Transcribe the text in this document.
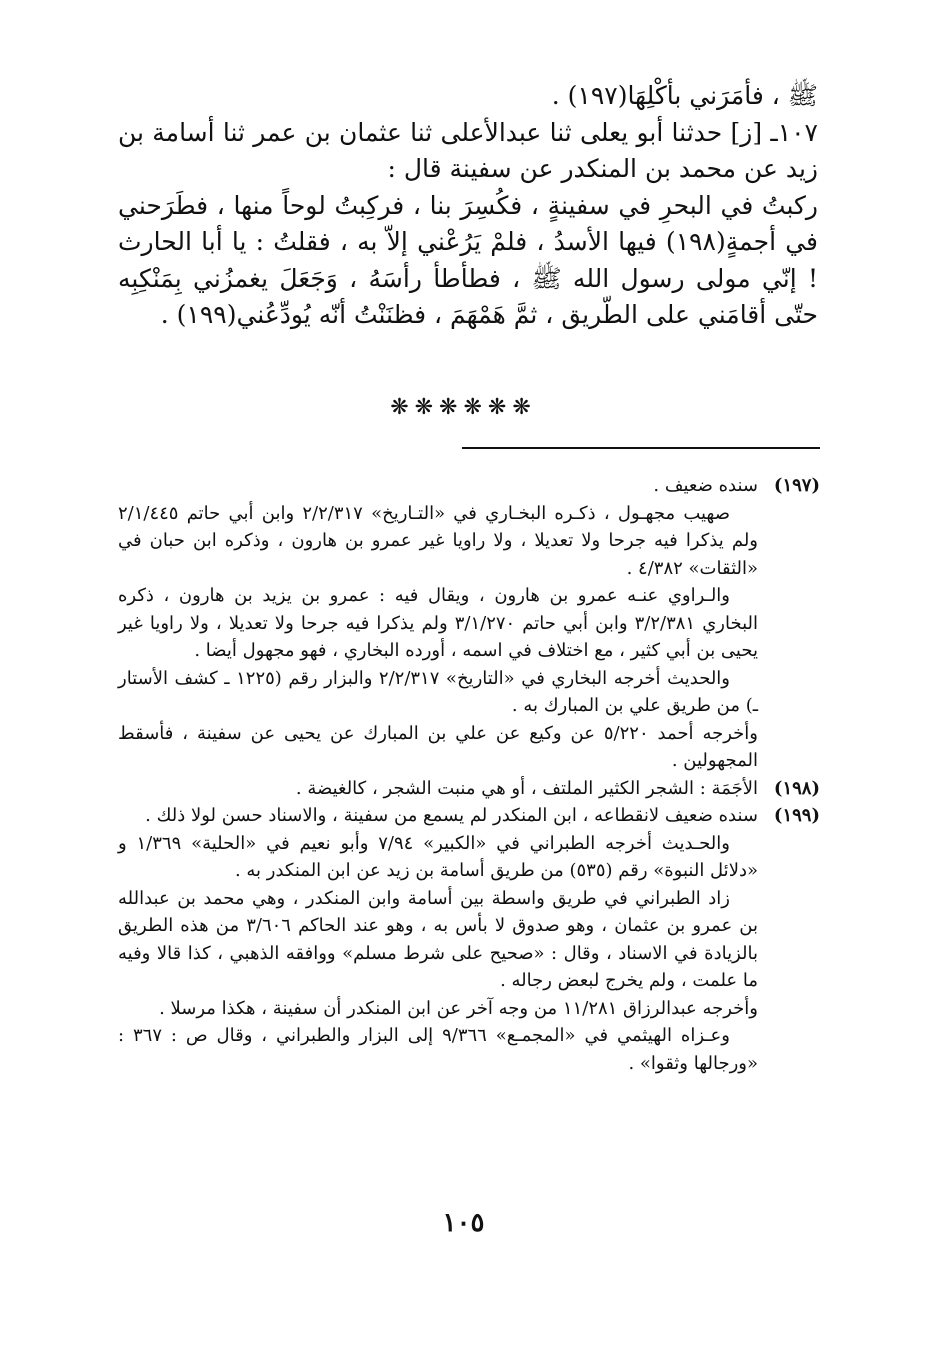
ﷺ ، فأمَرَني بأكْلِهَا(١٩٧) .

١٠٧ـ [ز] حدثنا أبو يعلى ثنا عبدالأعلى ثنا عثمان بن عمر ثنا أسامة بن زيد عن محمد بن المنكدر عن سفينة قال :

ركبتُ في البحرِ في سفينةٍ ، فكُسِرَ بنا ، فركِبتُ لوحاً منها ، فطَرَحني في أجمةٍ(١٩٨) فيها الأسدُ ، فلمْ يَرُعْني إلاّ به ، فقلتُ : يا أبا الحارث ! إنّي مولى رسول الله ﷺ ، فطأطأ رأسَهُ ، وَجَعَلَ يغمزُني بِمَنْكِبِه حتّى أقامَني على الطّريق ، ثمَّ هَمْهَمَ ، فظنَنْتُ أنّه يُودِّعُني(١٩٩) .

❋❋❋❋❋❋
(١٩٧)

سنده ضعيف .

صهيب مجهـول ، ذكـره البخـاري في «التـاريخ» ٢/٢/٣١٧ وابن أبي حاتم ٢/١/٤٤٥ ولم يذكرا فيه جرحا ولا تعديلا ، ولا راويا غير عمرو بن هارون ، وذكره ابن حبان في «الثقات» ٤/٣٨٢ .

والـراوي عنـه عمرو بن هارون ، ويقال فيه : عمرو بن يزيد بن هارون ، ذكره البخاري ٣/٢/٣٨١ وابن أبي حاتم ٣/١/٢٧٠ ولم يذكرا فيه جرحا ولا تعديلا ، ولا راويا غير يحيى بن أبي كثير ، مع اختلاف في اسمه ، أورده البخاري ، فهو مجهول أيضا .

والحديث أخرجه البخاري في «التاريخ» ٢/٢/٣١٧ والبزار رقم (١٢٢٥ ـ كشف الأستار ـ) من طريق علي بن المبارك به .

وأخرجه أحمد ٥/٢٢٠ عن وكيع عن علي بن المبارك عن يحيى عن سفينة ، فأسقط المجهولين .

(١٩٨)

الأجَمَة : الشجر الكثير الملتف ، أو هي منبت الشجر ، كالغيضة .

(١٩٩)

سنده ضعيف لانقطاعه ، ابن المنكدر لم يسمع من سفينة ، والاسناد حسن لولا ذلك .

والحـديث أخرجه الطبراني في «الكبير» ٧/٩٤ وأبو نعيم في «الحلية» ١/٣٦٩ و «دلائل النبوة» رقم (٥٣٥) من طريق أسامة بن زيد عن ابن المنكدر به .

زاد الطبراني في طريق واسطة بين أسامة وابن المنكدر ، وهي محمد بن عبدالله بن عمرو بن عثمان ، وهو صدوق لا بأس به ، وهو عند الحاكم ٣/٦٠٦ من هذه الطريق بالزيادة في الاسناد ، وقال : «صحيح على شرط مسلم» ووافقه الذهبي ، كذا قالا وفيه ما علمت ، ولم يخرج لبعض رجاله .

وأخرجه عبدالرزاق ١١/٢٨١ من وجه آخر عن ابن المنكدر أن سفينة ، هكذا مرسلا .

وعـزاه الهيثمي في «المجمـع» ٩/٣٦٦ إلى البزار والطبراني ، وقال ص : ٣٦٧ : «ورجالها وثقوا» .

١٠٥
